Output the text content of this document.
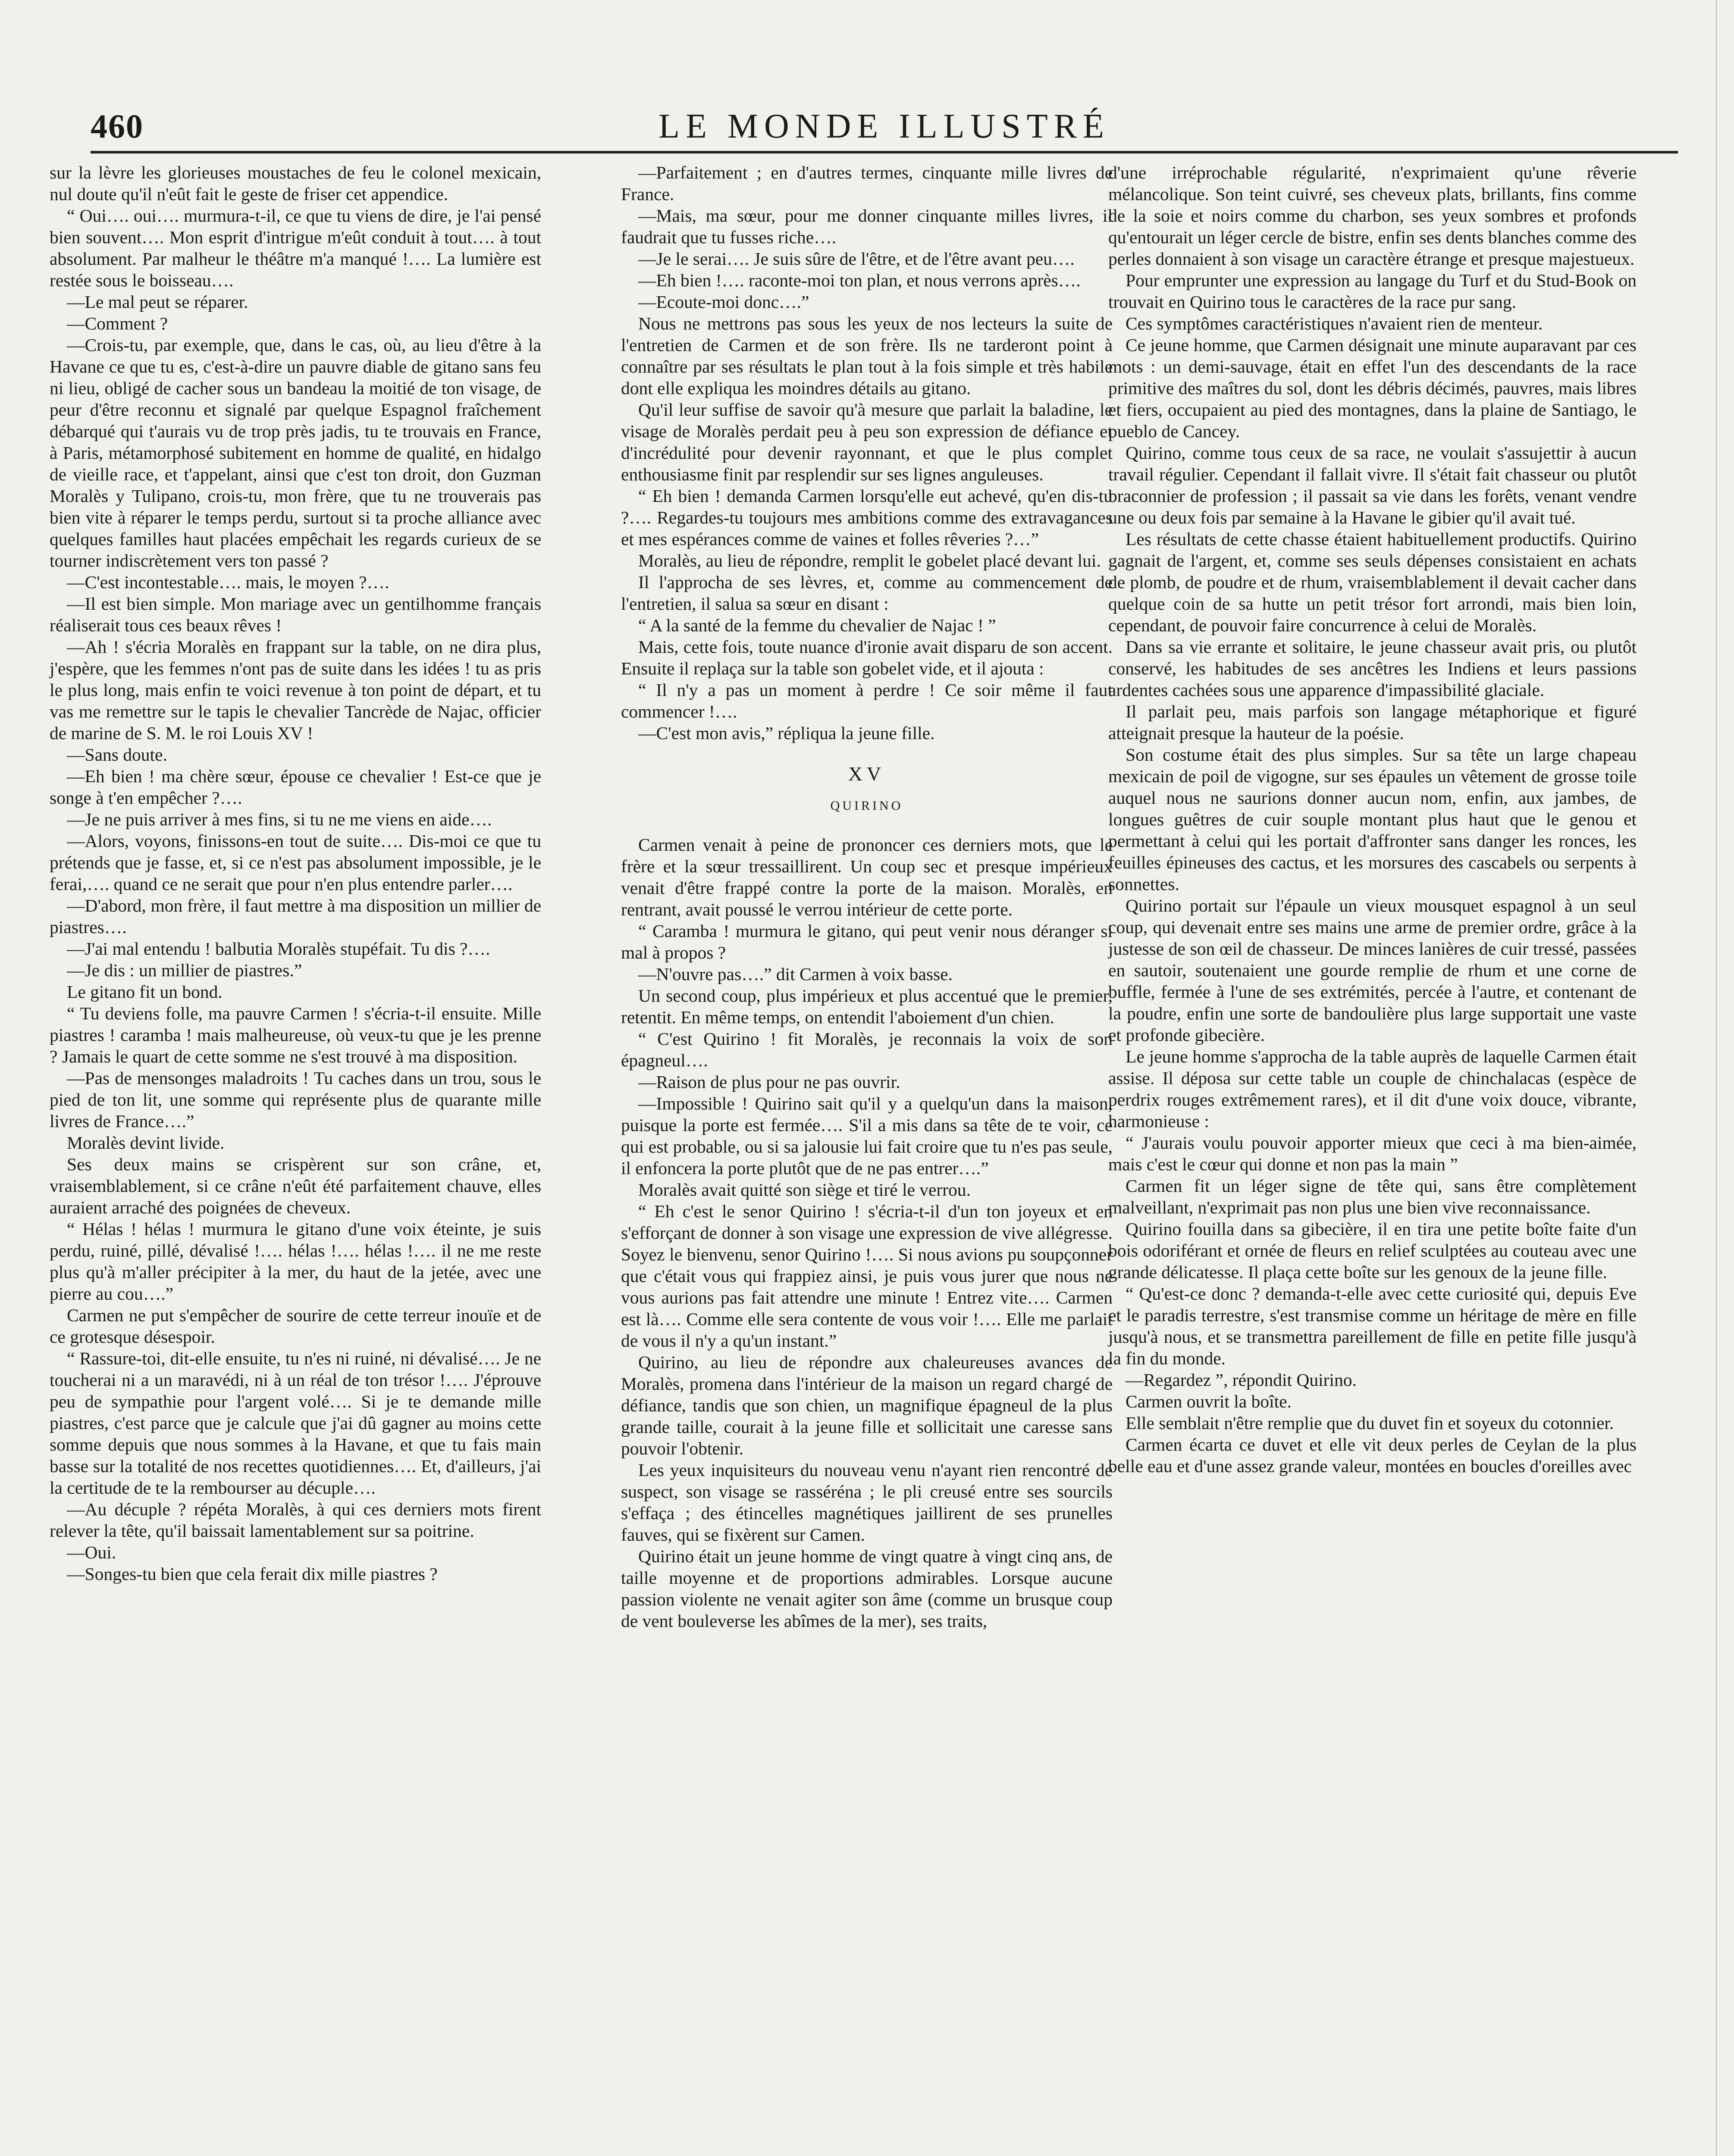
460	LE MONDE ILLUSTRÉ

sur la lèvre les glorieuses moustaches de feu le colonel mexicain, nul doute qu'il n'eût fait le geste de friser cet appendice.

“ Oui…. oui…. murmura-t-il, ce que tu viens de dire, je l'ai pensé bien souvent…. Mon esprit d'intrigue m'eût conduit à tout…. à tout absolument. Par malheur le théâtre m'a manqué !…. La lumière est restée sous le boisseau….

—Le mal peut se réparer.

—Comment ?

—Crois-tu, par exemple, que, dans le cas, où, au lieu d'être à la Havane ce que tu es, c'est-à-dire un pauvre diable de gitano sans feu ni lieu, obligé de cacher sous un bandeau la moitié de ton visage, de peur d'être reconnu et signalé par quelque Espagnol fraîchement débarqué qui t'aurais vu de trop près jadis, tu te trouvais en France, à Paris, métamorphosé subitement en homme de qualité, en hidalgo de vieille race, et t'appelant, ainsi que c'est ton droit, don Guzman Moralès y Tulipano, crois-tu, mon frère, que tu ne trouverais pas bien vite à réparer le temps perdu, surtout si ta proche alliance avec quelques familles haut placées empêchait les regards curieux de se tourner indiscrètement vers ton passé ?

—C'est incontestable…. mais, le moyen ?….

—Il est bien simple. Mon mariage avec un gentilhomme français réaliserait tous ces beaux rêves !

—Ah ! s'écria Moralès en frappant sur la table, on ne dira plus, j'espère, que les femmes n'ont pas de suite dans les idées ! tu as pris le plus long, mais enfin te voici revenue à ton point de départ, et tu vas me remettre sur le tapis le chevalier Tancrède de Najac, officier de marine de S. M. le roi Louis XV !

—Sans doute.

—Eh bien ! ma chère sœur, épouse ce chevalier ! Est-ce que je songe à t'en empêcher ?….

—Je ne puis arriver à mes fins, si tu ne me viens en aide….

—Alors, voyons, finissons-en tout de suite…. Dis-moi ce que tu prétends que je fasse, et, si ce n'est pas absolument impossible, je le ferai,…. quand ce ne serait que pour n'en plus entendre parler….

—D'abord, mon frère, il faut mettre à ma disposition un millier de piastres….

—J'ai mal entendu ! balbutia Moralès stupéfait. Tu dis ?….

—Je dis : un millier de piastres.”

Le gitano fit un bond.

“ Tu deviens folle, ma pauvre Carmen ! s'écria-t-il ensuite. Mille piastres ! caramba ! mais malheureuse, où veux-tu que je les prenne ? Jamais le quart de cette somme ne s'est trouvé à ma disposition.

—Pas de mensonges maladroits ! Tu caches dans un trou, sous le pied de ton lit, une somme qui représente plus de quarante mille livres de France….”

Moralès devint livide.

Ses deux mains se crispèrent sur son crâne, et, vraisemblablement, si ce crâne n'eût été parfaitement chauve, elles auraient arraché des poignées de cheveux.

“ Hélas ! hélas ! murmura le gitano d'une voix éteinte, je suis perdu, ruiné, pillé, dévalisé !…. hélas !…. hélas !…. il ne me reste plus qu'à m'aller précipiter à la mer, du haut de la jetée, avec une pierre au cou….”

Carmen ne put s'empêcher de sourire de cette terreur inouïe et de ce grotesque désespoir.

“ Rassure-toi, dit-elle ensuite, tu n'es ni ruiné, ni dévalisé…. Je ne toucherai ni a un maravédi, ni à un réal de ton trésor !…. J'éprouve peu de sympathie pour l'argent volé…. Si je te demande mille piastres, c'est parce que je calcule que j'ai dû gagner au moins cette somme depuis que nous sommes à la Havane, et que tu fais main basse sur la totalité de nos recettes quotidiennes…. Et, d'ailleurs, j'ai la certitude de te la rembourser au décuple….

—Au décuple ? répéta Moralès, à qui ces derniers mots firent relever la tête, qu'il baissait lamentablement sur sa poitrine.

—Oui.

—Songes-tu bien que cela ferait dix mille piastres ?

—Parfaitement ; en d'autres termes, cinquante mille livres de France.

—Mais, ma sœur, pour me donner cinquante milles livres, il faudrait que tu fusses riche….

—Je le serai…. Je suis sûre de l'être, et de l'être avant peu….

—Eh bien !…. raconte-moi ton plan, et nous verrons après….

—Ecoute-moi donc….”

Nous ne mettrons pas sous les yeux de nos lecteurs la suite de l'entretien de Carmen et de son frère. Ils ne tarderont point à connaître par ses résultats le plan tout à la fois simple et très habile dont elle expliqua les moindres détails au gitano.

Qu'il leur suffise de savoir qu'à mesure que parlait la baladine, le visage de Moralès perdait peu à peu son expression de défiance et d'incrédulité pour devenir rayonnant, et que le plus complet enthousiasme finit par resplendir sur ses lignes anguleuses.

“ Eh bien ! demanda Carmen lorsqu'elle eut achevé, qu'en dis-tu ?…. Regardes-tu toujours mes ambitions comme des extravagances et mes espérances comme de vaines et folles rêveries ?…”

Moralès, au lieu de répondre, remplit le gobelet placé devant lui.

Il l'approcha de ses lèvres, et, comme au commencement de l'entretien, il salua sa sœur en disant :

“ A la santé de la femme du chevalier de Najac ! ”

Mais, cette fois, toute nuance d'ironie avait disparu de son accent. Ensuite il replaça sur la table son gobelet vide, et il ajouta :

“ Il n'y a pas un moment à perdre ! Ce soir même il faut commencer !….

—C'est mon avis,” répliqua la jeune fille.

XV
QUIRINO

Carmen venait à peine de prononcer ces derniers mots, que le frère et la sœur tressaillirent. Un coup sec et presque impérieux venait d'être frappé contre la porte de la maison. Moralès, en rentrant, avait poussé le verrou intérieur de cette porte.

“ Caramba ! murmura le gitano, qui peut venir nous déranger si mal à propos ?

—N'ouvre pas….” dit Carmen à voix basse.

Un second coup, plus impérieux et plus accentué que le premier, retentit. En même temps, on entendit l'aboiement d'un chien.

“ C'est Quirino ! fit Moralès, je reconnais la voix de son épagneul….

—Raison de plus pour ne pas ouvrir.

—Impossible ! Quirino sait qu'il y a quelqu'un dans la maison, puisque la porte est fermée…. S'il a mis dans sa tête de te voir, ce qui est probable, ou si sa jalousie lui fait croire que tu n'es pas seule, il enfoncera la porte plutôt que de ne pas entrer….”

Moralès avait quitté son siège et tiré le verrou.

“ Eh c'est le senor Quirino ! s'écria-t-il d'un ton joyeux et en s'efforçant de donner à son visage une expression de vive allégresse. Soyez le bienvenu, senor Quirino !…. Si nous avions pu soupçonner que c'était vous qui frappiez ainsi, je puis vous jurer que nous ne vous aurions pas fait attendre une minute ! Entrez vite…. Carmen est là…. Comme elle sera contente de vous voir !…. Elle me parlait de vous il n'y a qu'un instant.”

Quirino, au lieu de répondre aux chaleureuses avances de Moralès, promena dans l'intérieur de la maison un regard chargé de défiance, tandis que son chien, un magnifique épagneul de la plus grande taille, courait à la jeune fille et sollicitait une caresse sans pouvoir l'obtenir.

Les yeux inquisiteurs du nouveau venu n'ayant rien rencontré de suspect, son visage se rasséréna ; le pli creusé entre ses sourcils s'effaça ; des étincelles magnétiques jaillirent de ses prunelles fauves, qui se fixèrent sur Camen.

Quirino était un jeune homme de vingt quatre à vingt cinq ans, de taille moyenne et de proportions admirables. Lorsque aucune passion violente ne venait agiter son âme (comme un brusque coup de vent bouleverse les abîmes de la mer), ses traits,

d'une irréprochable régularité, n'exprimaient qu'une rêverie mélancolique. Son teint cuivré, ses cheveux plats, brillants, fins comme de la soie et noirs comme du charbon, ses yeux sombres et profonds qu'entourait un léger cercle de bistre, enfin ses dents blanches comme des perles donnaient à son visage un caractère étrange et presque majestueux.

Pour emprunter une expression au langage du Turf et du Stud-Book on trouvait en Quirino tous le caractères de la race pur sang.

Ces symptômes caractéristiques n'avaient rien de menteur.

Ce jeune homme, que Carmen désignait une minute auparavant par ces mots : un demi-sauvage, était en effet l'un des descendants de la race primitive des maîtres du sol, dont les débris décimés, pauvres, mais libres et fiers, occupaient au pied des montagnes, dans la plaine de Santiago, le pueblo de Cancey.

Quirino, comme tous ceux de sa race, ne voulait s'assujettir à aucun travail régulier. Cependant il fallait vivre. Il s'était fait chasseur ou plutôt braconnier de profession ; il passait sa vie dans les forêts, venant vendre une ou deux fois par semaine à la Havane le gibier qu'il avait tué.

Les résultats de cette chasse étaient habituellement productifs. Quirino gagnait de l'argent, et, comme ses seuls dépenses consistaient en achats de plomb, de poudre et de rhum, vraisemblablement il devait cacher dans quelque coin de sa hutte un petit trésor fort arrondi, mais bien loin, cependant, de pouvoir faire concurrence à celui de Moralès.

Dans sa vie errante et solitaire, le jeune chasseur avait pris, ou plutôt conservé, les habitudes de ses ancêtres les Indiens et leurs passions ardentes cachées sous une apparence d'impassibilité glaciale.

Il parlait peu, mais parfois son langage métaphorique et figuré atteignait presque la hauteur de la poésie.

Son costume était des plus simples. Sur sa tête un large chapeau mexicain de poil de vigogne, sur ses épaules un vêtement de grosse toile auquel nous ne saurions donner aucun nom, enfin, aux jambes, de longues guêtres de cuir souple montant plus haut que le genou et permettant à celui qui les portait d'affronter sans danger les ronces, les feuilles épineuses des cactus, et les morsures des cascabels ou serpents à sonnettes.

Quirino portait sur l'épaule un vieux mousquet espagnol à un seul coup, qui devenait entre ses mains une arme de premier ordre, grâce à la justesse de son œil de chasseur. De minces lanières de cuir tressé, passées en sautoir, soutenaient une gourde remplie de rhum et une corne de buffle, fermée à l'une de ses extrémités, percée à l'autre, et contenant de la poudre, enfin une sorte de bandoulière plus large supportait une vaste et profonde gibecière.

Le jeune homme s'approcha de la table auprès de laquelle Carmen était assise. Il déposa sur cette table un couple de chinchalacas (espèce de perdrix rouges extrêmement rares), et il dit d'une voix douce, vibrante, harmonieuse :

“ J'aurais voulu pouvoir apporter mieux que ceci à ma bien-aimée, mais c'est le cœur qui donne et non pas la main ”

Carmen fit un léger signe de tête qui, sans être complètement malveillant, n'exprimait pas non plus une bien vive reconnaissance.

Quirino fouilla dans sa gibecière, il en tira une petite boîte faite d'un bois odoriférant et ornée de fleurs en relief sculptées au couteau avec une grande délicatesse. Il plaça cette boîte sur les genoux de la jeune fille.

“ Qu'est-ce donc ? demanda-t-elle avec cette curiosité qui, depuis Eve et le paradis terrestre, s'est transmise comme un héritage de mère en fille jusqu'à nous, et se transmettra pareillement de fille en petite fille jusqu'à la fin du monde.

—Regardez ”, répondit Quirino.

Carmen ouvrit la boîte.

Elle semblait n'être remplie que du duvet fin et soyeux du cotonnier.

Carmen écarta ce duvet et elle vit deux perles de Ceylan de la plus belle eau et d'une assez grande valeur, montées en boucles d'oreilles avec
